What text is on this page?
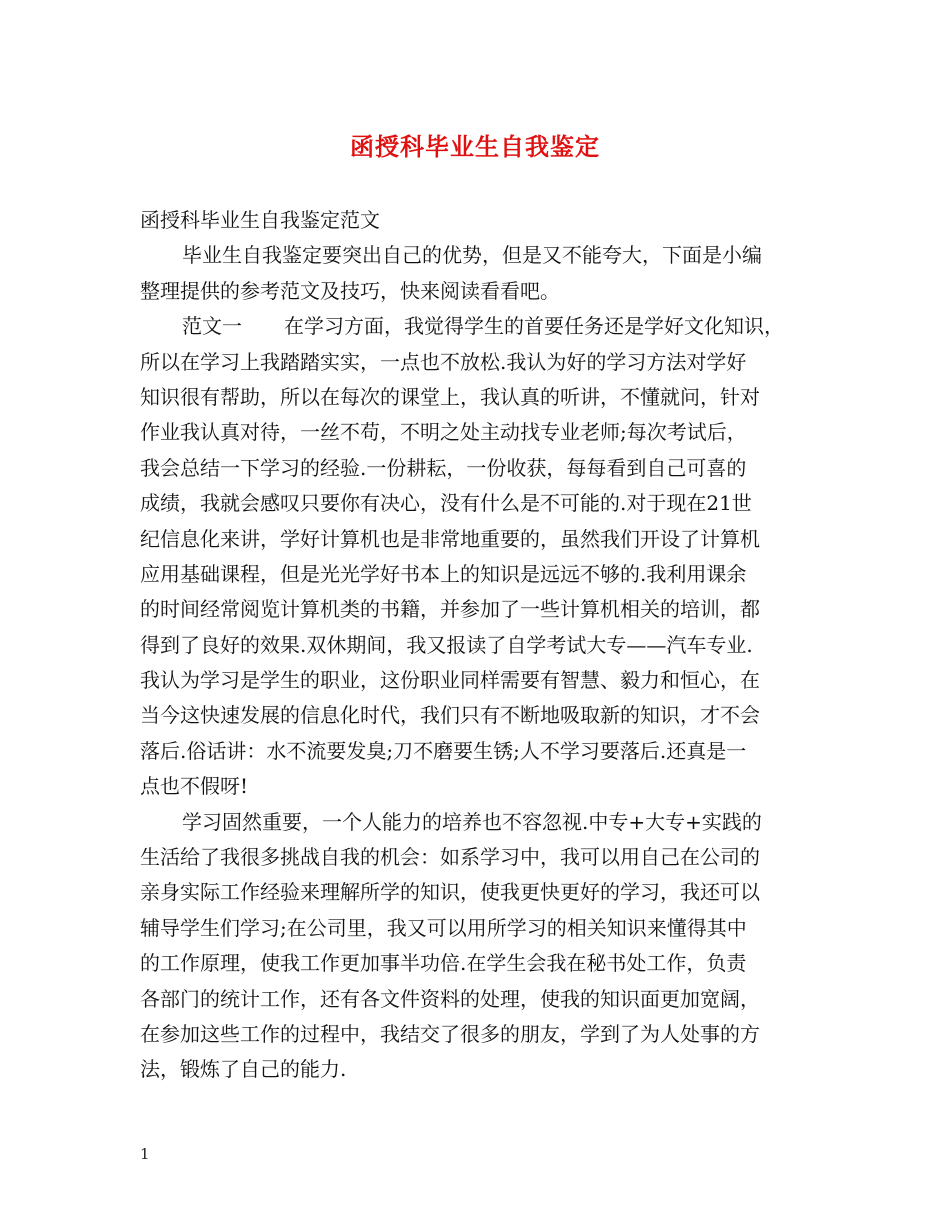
函授科毕业生自我鉴定
函授科毕业生自我鉴定范文
毕业生自我鉴定要突出自己的优势，但是又不能夸大，下面是小编
整理提供的参考范文及技巧，快来阅读看看吧。
范文一 在学习方面，我觉得学生的首要任务还是学好文化知识，
所以在学习上我踏踏实实，一点也不放松.我认为好的学习方法对学好
知识很有帮助，所以在每次的课堂上，我认真的听讲，不懂就问，针对
作业我认真对待，一丝不苟，不明之处主动找专业老师;每次考试后，
我会总结一下学习的经验.一份耕耘，一份收获，每每看到自己可喜的
成绩，我就会感叹只要你有决心，没有什么是不可能的.对于现在21世
纪信息化来讲，学好计算机也是非常地重要的，虽然我们开设了计算机
应用基础课程，但是光光学好书本上的知识是远远不够的.我利用课余
的时间经常阅览计算机类的书籍，并参加了一些计算机相关的培训，都
得到了良好的效果.双休期间，我又报读了自学考试大专——汽车专业.
我认为学习是学生的职业，这份职业同样需要有智慧、毅力和恒心，在
当今这快速发展的信息化时代，我们只有不断地吸取新的知识，才不会
落后.俗话讲：水不流要发臭;刀不磨要生锈;人不学习要落后.还真是一
点也不假呀!
学习固然重要，一个人能力的培养也不容忽视.中专+大专+实践的
生活给了我很多挑战自我的机会：如系学习中，我可以用自己在公司的
亲身实际工作经验来理解所学的知识，使我更快更好的学习，我还可以
辅导学生们学习;在公司里，我又可以用所学习的相关知识来懂得其中
的工作原理，使我工作更加事半功倍.在学生会我在秘书处工作，负责
各部门的统计工作，还有各文件资料的处理，使我的知识面更加宽阔，
在参加这些工作的过程中，我结交了很多的朋友，学到了为人处事的方
法，锻炼了自己的能力.
1
